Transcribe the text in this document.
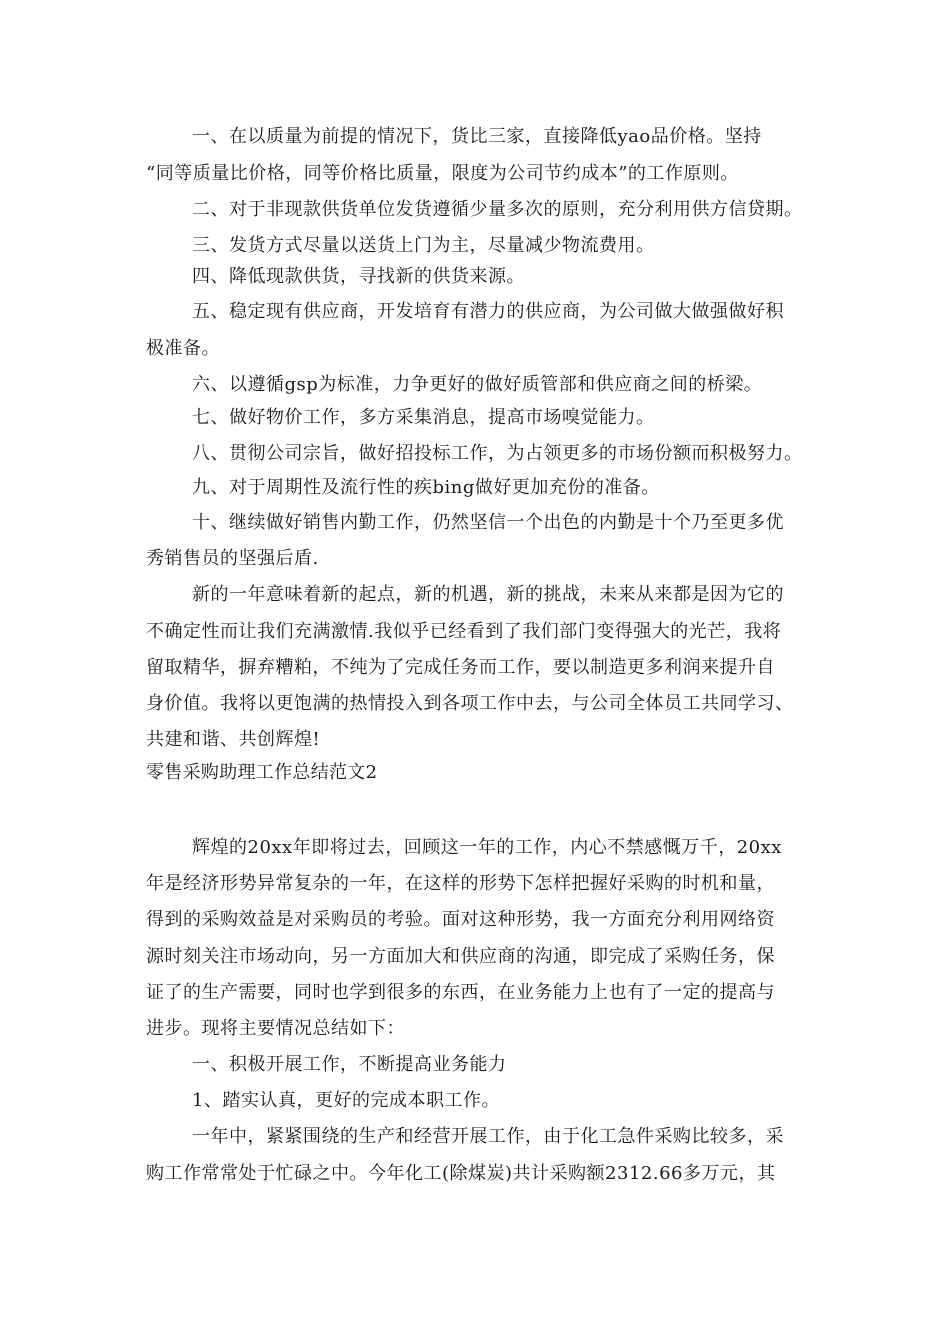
一、在以质量为前提的情况下，货比三家，直接降低yao品价格。坚持
“同等质量比价格，同等价格比质量，限度为公司节约成本”的工作原则。
二、对于非现款供货单位发货遵循少量多次的原则，充分利用供方信贷期。
三、发货方式尽量以送货上门为主，尽量减少物流费用。
四、降低现款供货，寻找新的供货来源。
五、稳定现有供应商，开发培育有潜力的供应商，为公司做大做强做好积
极准备。
六、以遵循gsp为标准，力争更好的做好质管部和供应商之间的桥梁。
七、做好物价工作，多方采集消息，提高市场嗅觉能力。
八、贯彻公司宗旨，做好招投标工作，为占领更多的市场份额而积极努力。
九、对于周期性及流行性的疾bing做好更加充份的准备。
十、继续做好销售内勤工作，仍然坚信一个出色的内勤是十个乃至更多优
秀销售员的坚强后盾.
新的一年意味着新的起点，新的机遇，新的挑战，未来从来都是因为它的
不确定性而让我们充满激情.我似乎已经看到了我们部门变得强大的光芒，我将
留取精华，摒弃糟粕，不纯为了完成任务而工作，要以制造更多利润来提升自
身价值。我将以更饱满的热情投入到各项工作中去，与公司全体员工共同学习、
共建和谐、共创辉煌!
零售采购助理工作总结范文2
辉煌的20xx年即将过去，回顾这一年的工作，内心不禁感慨万千，20xx
年是经济形势异常复杂的一年，在这样的形势下怎样把握好采购的时机和量，
得到的采购效益是对采购员的考验。面对这种形势，我一方面充分利用网络资
源时刻关注市场动向，另一方面加大和供应商的沟通，即完成了采购任务，保
证了的生产需要，同时也学到很多的东西，在业务能力上也有了一定的提高与
进步。现将主要情况总结如下：
一、积极开展工作，不断提高业务能力
1、踏实认真，更好的完成本职工作。
一年中，紧紧围绕的生产和经营开展工作，由于化工急件采购比较多，采
购工作常常处于忙碌之中。今年化工(除煤炭)共计采购额2312.66多万元，其
